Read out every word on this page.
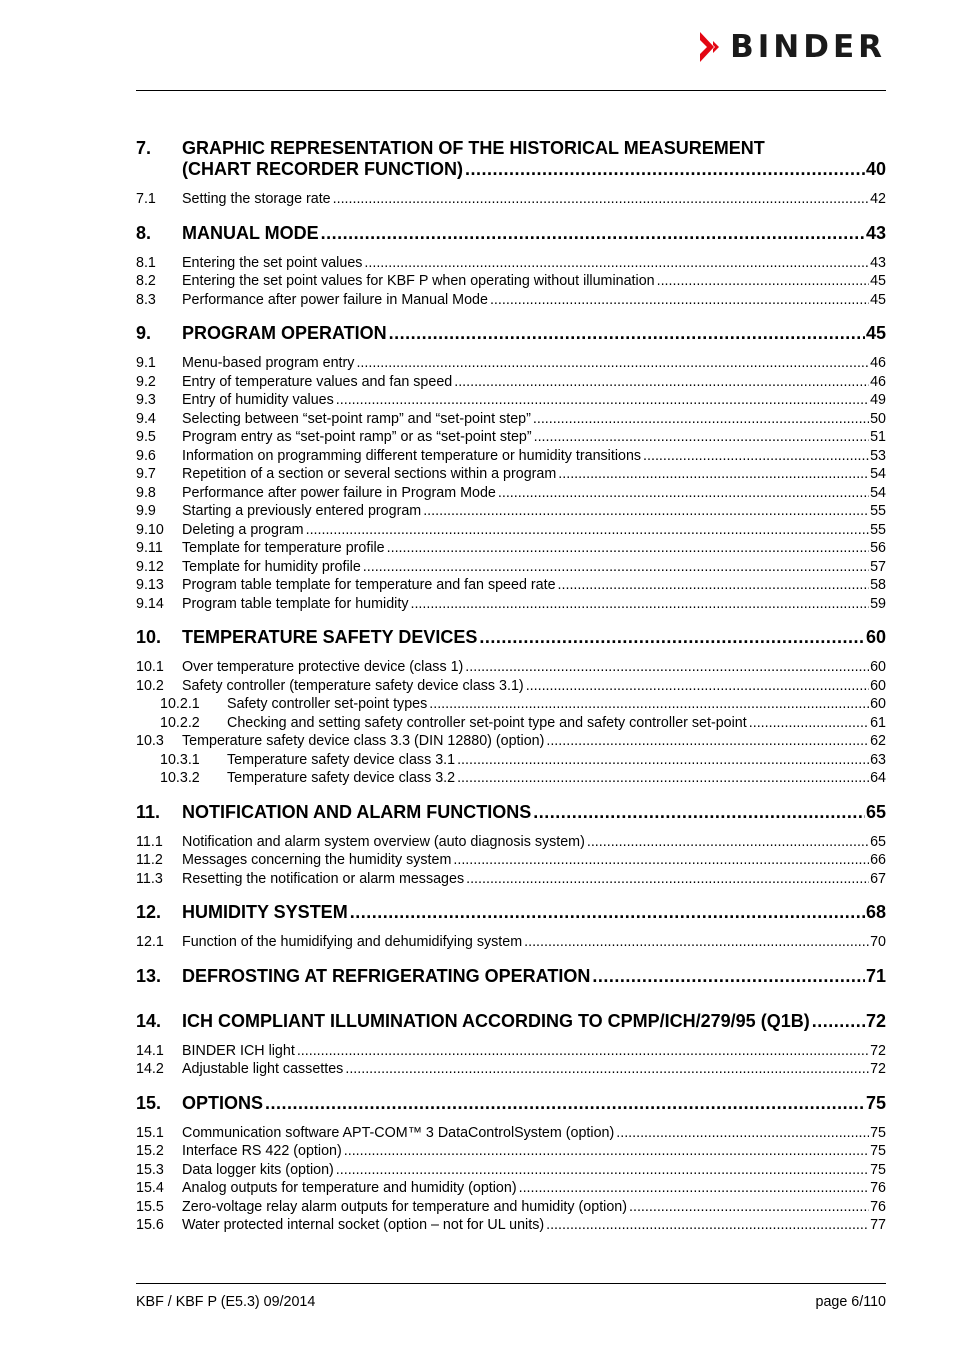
BINDER
7.	GRAPHIC REPRESENTATION OF THE HISTORICAL MEASUREMENT
(CHART RECORDER FUNCTION) .....	40
7.1	Setting the storage rate .....	42
8.	MANUAL MODE .....	43
8.1	Entering the set point values .....	43
8.2	Entering the set point values for KBF P when operating without illumination .....	45
8.3	Performance after power failure in Manual Mode .....	45
9.	PROGRAM OPERATION .....	45
9.1	Menu-based program entry .....	46
9.2	Entry of temperature values and fan speed .....	46
9.3	Entry of humidity values .....	49
9.4	Selecting between “set-point ramp” and “set-point step” .....	50
9.5	Program entry as “set-point ramp” or as “set-point step” .....	51
9.6	Information on programming different temperature or humidity transitions .....	53
9.7	Repetition of a section or several sections within a program .....	54
9.8	Performance after power failure in Program Mode .....	54
9.9	Starting a previously entered program .....	55
9.10	Deleting a program .....	55
9.11	Template for temperature profile .....	56
9.12	Template for humidity profile .....	57
9.13	Program table template for temperature and fan speed rate .....	58
9.14	Program table template for humidity .....	59
10.	TEMPERATURE SAFETY DEVICES .....	60
10.1	Over temperature protective device (class 1) .....	60
10.2	Safety controller (temperature safety device class 3.1) .....	60
10.2.1	Safety controller set-point types .....	60
10.2.2	Checking and setting safety controller set-point type and safety controller set-point .....	61
10.3	Temperature safety device class 3.3 (DIN 12880) (option) .....	62
10.3.1	Temperature safety device class 3.1 .....	63
10.3.2	Temperature safety device class 3.2 .....	64
11.	NOTIFICATION AND ALARM FUNCTIONS .....	65
11.1	Notification and alarm system overview (auto diagnosis system) .....	65
11.2	Messages concerning the humidity system .....	66
11.3	Resetting the notification or alarm messages .....	67
12.	HUMIDITY SYSTEM .....	68
12.1	Function of the humidifying and dehumidifying system .....	70
13.	DEFROSTING AT REFRIGERATING OPERATION .....	71
14.	ICH COMPLIANT ILLUMINATION ACCORDING TO CPMP/ICH/279/95 (Q1B) .....	72
14.1	BINDER ICH light .....	72
14.2	Adjustable light cassettes .....	72
15.	OPTIONS .....	75
15.1	Communication software APT-COM™ 3 DataControlSystem (option) .....	75
15.2	Interface RS 422 (option) .....	75
15.3	Data logger kits (option) .....	75
15.4	Analog outputs for temperature and humidity (option) .....	76
15.5	Zero-voltage relay alarm outputs for temperature and humidity (option) .....	76
15.6	Water protected internal socket (option – not for UL units) .....	77
KBF / KBF P (E5.3) 09/2014	page 6/110
